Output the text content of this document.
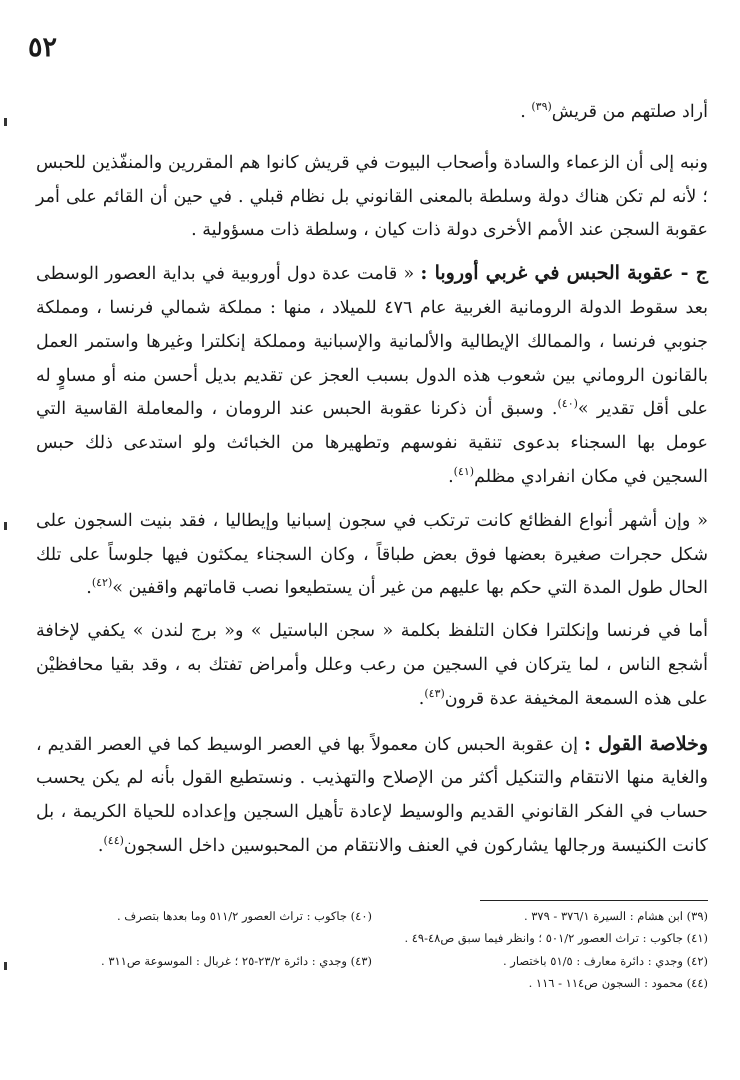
٥٢

أراد صلتهم من قريش$^{(٣٩)}$ .

ونبه إلى أن الزعماء والسادة وأصحاب البيوت في قريش كانوا هم المقررين والمنفّذين للحبس ؛ لأنه لم تكن هناك دولة وسلطة بالمعنى القانوني بل نظام قبلي . في حين أن القائم على أمر عقوبة السجن عند الأمم الأخرى دولة ذات كيان ، وسلطة ذات مسؤولية .

ج - عقوبة الحبس في غربي أوروبا : « قامت عدة دول أوروبية في بداية العصور الوسطى بعد سقوط الدولة الرومانية الغربية عام ٤٧٦ للميلاد ، منها : مملكة شمالي فرنسا ، ومملكة جنوبي فرنسا ، والممالك الإيطالية والألمانية والإسبانية ومملكة إنكلترا وغيرها واستمر العمل بالقانون الروماني بين شعوب هذه الدول بسبب العجز عن تقديم بديل أحسن منه أو مساوٍ له على أقل تقدير »$^{(٤٠)}$. وسبق أن ذكرنا عقوبة الحبس عند الرومان ، والمعاملة القاسية التي عومل بها السجناء بدعوى تنقية نفوسهم وتطهيرها من الخبائث ولو استدعى ذلك حبس السجين في مكان انفرادي مظلم$^{(٤١)}$.

« وإن أشهر أنواع الفظائع كانت ترتكب في سجون إسبانيا وإيطاليا ، فقد بنيت السجون على شكل حجرات صغيرة بعضها فوق بعض طباقاً ، وكان السجناء يمكثون فيها جلوساً على تلك الحال طول المدة التي حكم بها عليهم من غير أن يستطيعوا نصب قاماتهم واقفين »$^{(٤٢)}$.

أما في فرنسا وإنكلترا فكان التلفظ بكلمة « سجن الباستيل » و« برج لندن » يكفي لإخافة أشجع الناس ، لما يتركان في السجين من رعب وعلل وأمراض تفتك به ، وقد بقيا محافظيْن على هذه السمعة المخيفة عدة قرون$^{(٤٣)}$.

وخلاصة القول : إن عقوبة الحبس كان معمولاً بها في العصر الوسيط كما في العصر القديم ، والغاية منها الانتقام والتنكيل أكثر من الإصلاح والتهذيب . ونستطيع القول بأنه لم يكن يحسب حساب في الفكر القانوني القديم والوسيط لإعادة تأهيل السجين وإعداده للحياة الكريمة ، بل كانت الكنيسة ورجالها يشاركون في العنف والانتقام من المحبوسين داخل السجون$^{(٤٤)}$.

(٣٩) ابن هشام : السيرة ٣٧٦/١ - ٣٧٩ .
(٤٠) جاكوب : تراث العصور ٥١١/٢ وما بعدها بتصرف .
(٤١) جاكوب : تراث العصور ٥٠١/٢ ؛ وانظر فيما سبق ص٤٨-٤٩ .
(٤٢) وجدي : دائرة معارف : ٥١/٥ باختصار .
(٤٣) وجدي : دائرة ٢٣/٢-٢٥ ؛ غربال : الموسوعة ص٣١١ .
(٤٤) محمود : السجون ص١١٤ - ١١٦ .
